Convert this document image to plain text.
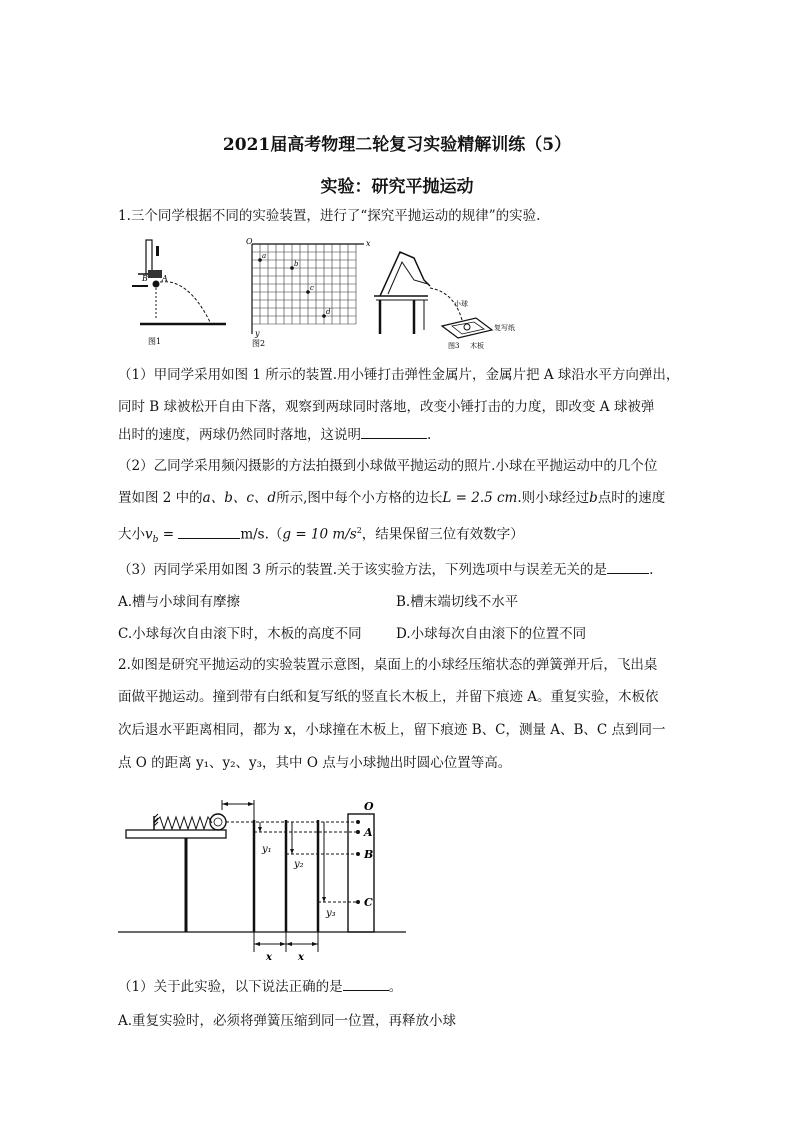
2021届高考物理二轮复习实验精解训练（5）
实验：研究平抛运动
1.三个同学根据不同的实验装置，进行了“探究平抛运动的规律”的实验.
A
B
图1
O	x
y
a
b
c
d
图2
小球
复写纸
图3 木板
（1）甲同学采用如图 1 所示的装置.用小锤打击弹性金属片，金属片把 A 球沿水平方向弹出，
同时 B 球被松开自由下落，观察到两球同时落地，改变小锤打击的力度，即改变 A 球被弹
出时的速度，两球仍然同时落地，这说明	.
（2）乙同学采用频闪摄影的方法拍摄到小球做平抛运动的照片.小球在平抛运动中的几个位
置如图 2 中的a、b、c、d所示,图中每个小方格的边长L = 2.5 cm.则小球经过b点时的速度
大小$v_b$ =	m/s.（g = 10 $m/s^2$，结果保留三位有效数字）
（3）丙同学采用如图 3 所示的装置.关于该实验方法，下列选项中与误差无关的是	.
A.槽与小球间有摩擦	B.槽末端切线不水平
C.小球每次自由滚下时，木板的高度不同	D.小球每次自由滚下的位置不同
2.如图是研究平抛运动的实验装置示意图，桌面上的小球经压缩状态的弹簧弹开后，飞出桌
面做平抛运动。撞到带有白纸和复写纸的竖直长木板上，并留下痕迹 A。重复实验，木板依
次后退水平距离相同，都为 x，小球撞在木板上，留下痕迹 B、C，测量 A、B、C 点到同一
点 O 的距离 y₁、y₂、y₃，其中 O 点与小球抛出时圆心位置等高。
O
A
B
C
y₁
y₂
y₃
x	x
（1）关于此实验，以下说法正确的是	。
A.重复实验时，必须将弹簧压缩到同一位置，再释放小球
